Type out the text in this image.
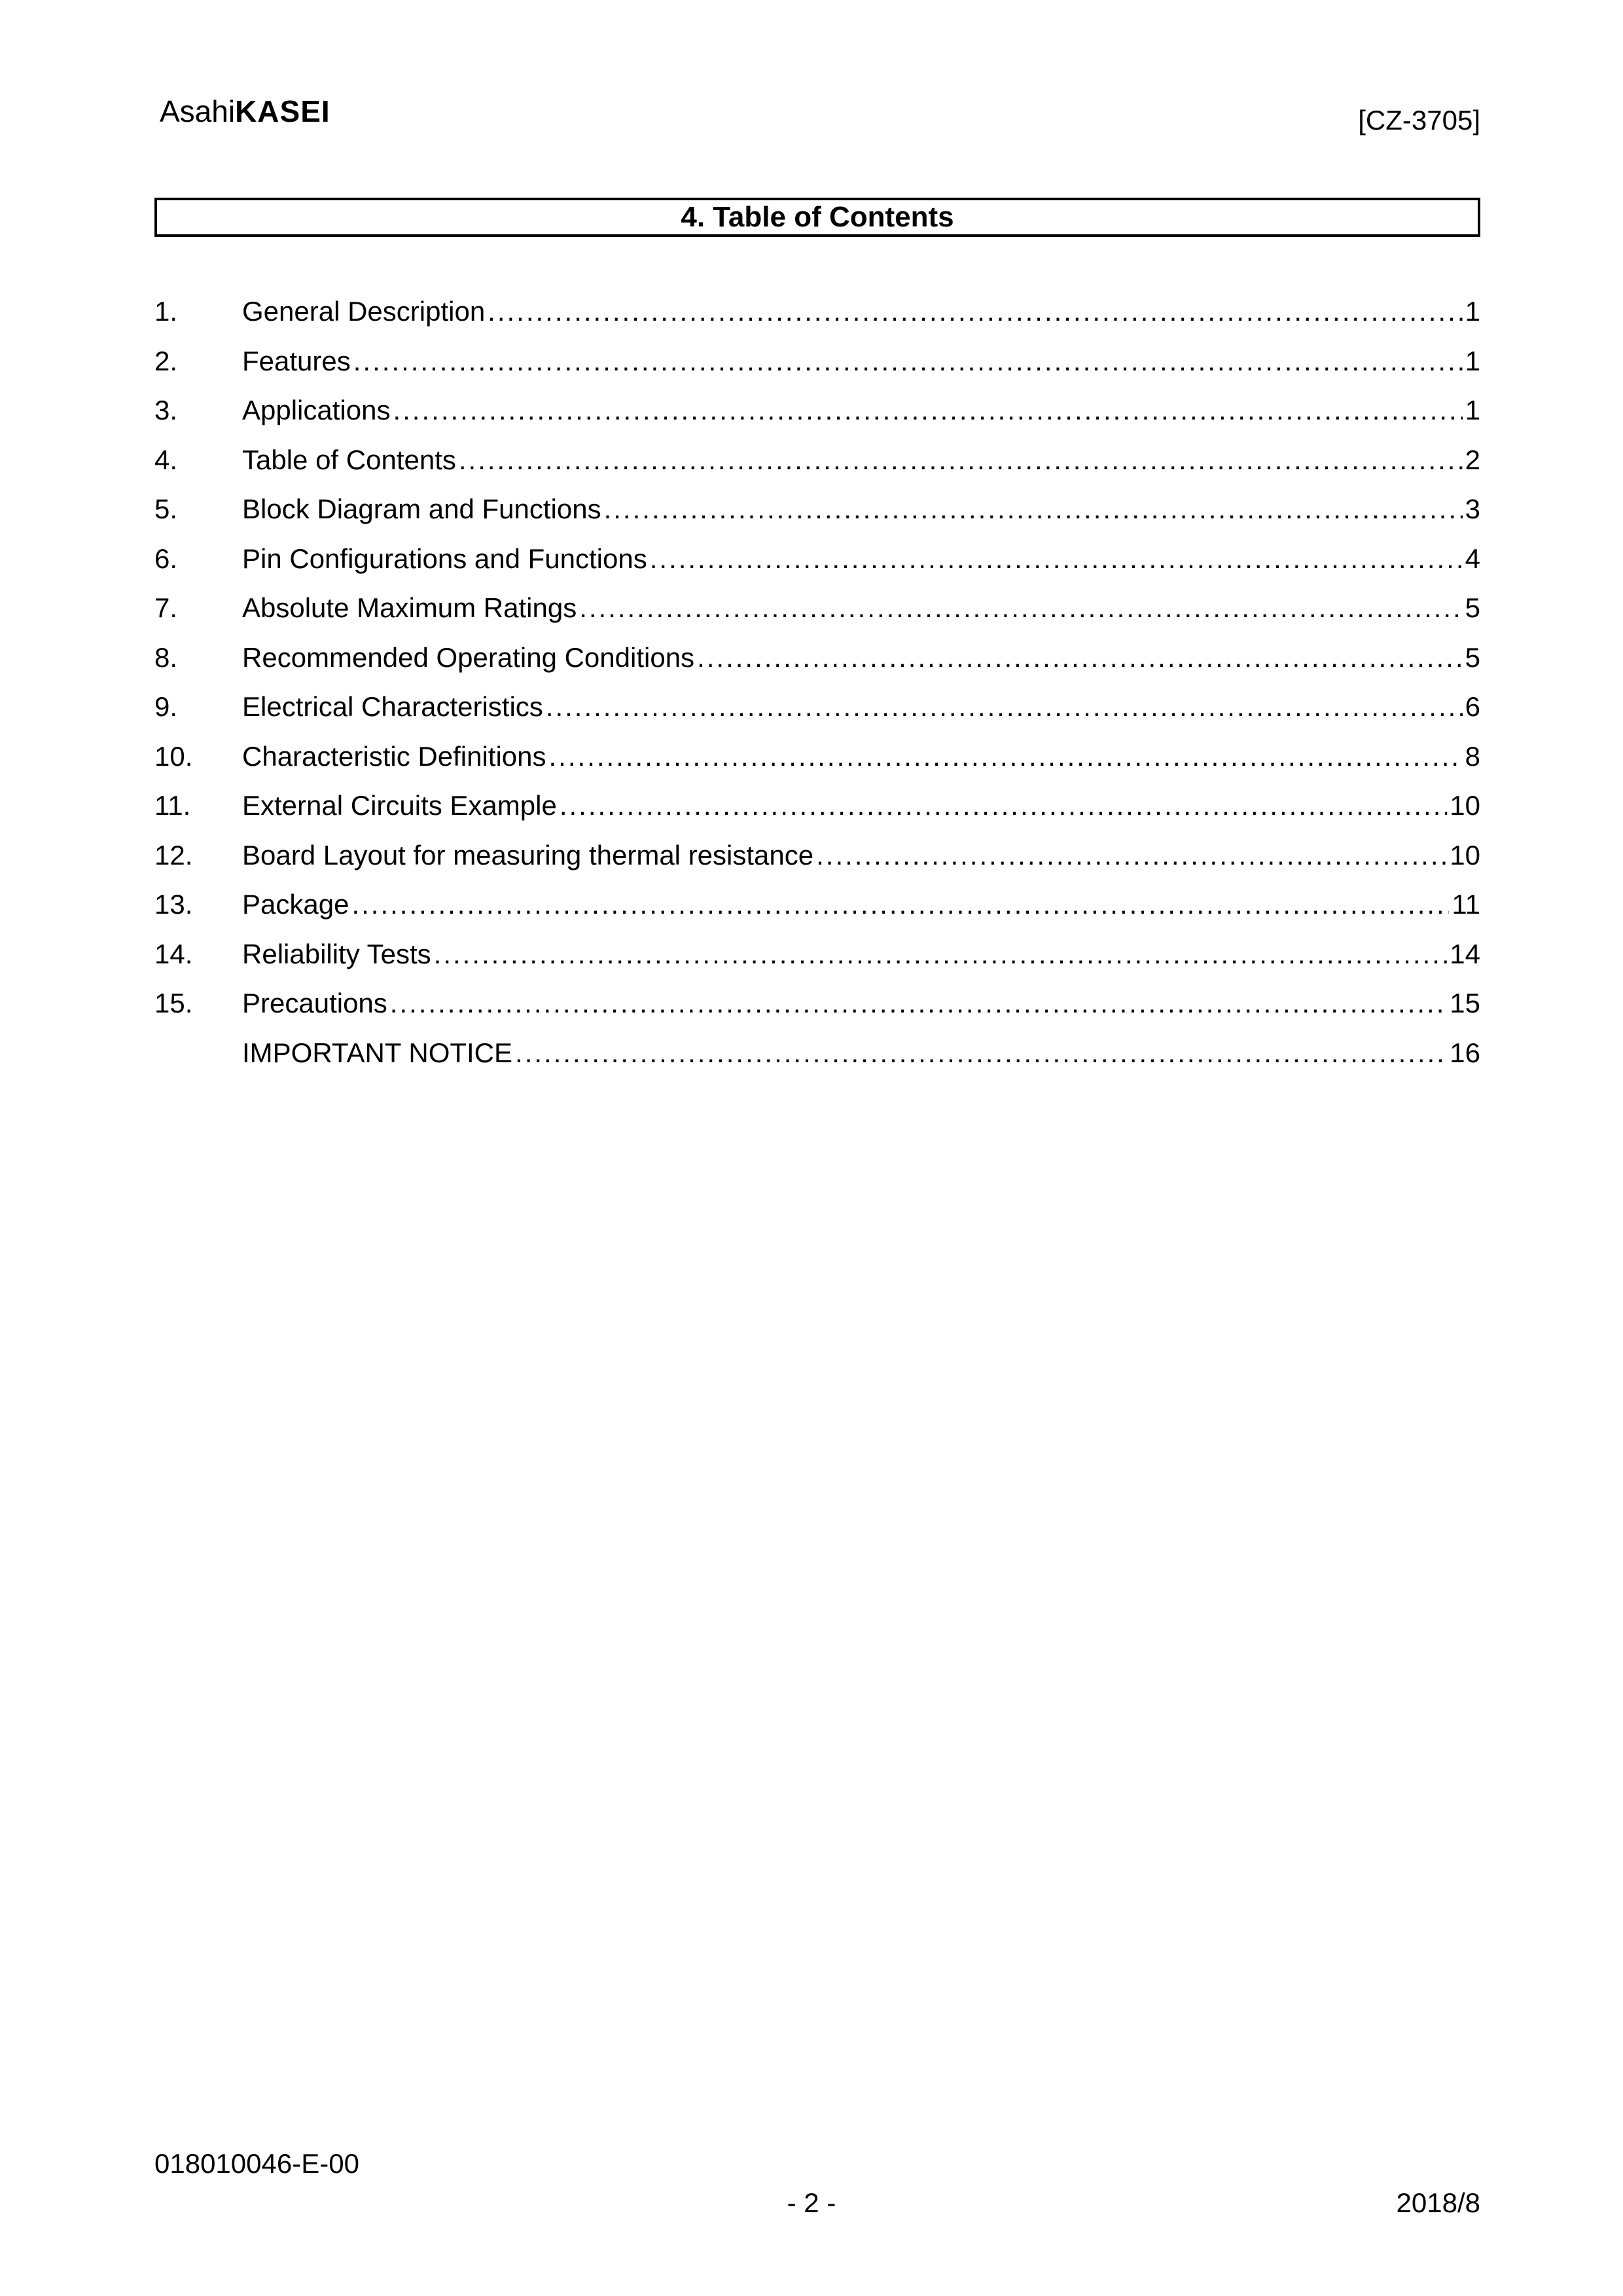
AsahiKASEI	[CZ-3705]
4. Table of Contents
1.	General Description .....	1
2.	Features .....	1
3.	Applications .....	1
4.	Table of Contents .....	2
5.	Block Diagram and Functions .....	3
6.	Pin Configurations and Functions .....	4
7.	Absolute Maximum Ratings .....	5
8.	Recommended Operating Conditions .....	5
9.	Electrical Characteristics .....	6
10.	Characteristic Definitions .....	8
11.	External Circuits Example .....	10
12.	Board Layout for measuring thermal resistance .....	10
13.	Package .....	11
14.	Reliability Tests .....	14
15.	Precautions .....	15
IMPORTANT NOTICE .....	16
018010046-E-00
- 2 -	2018/8
